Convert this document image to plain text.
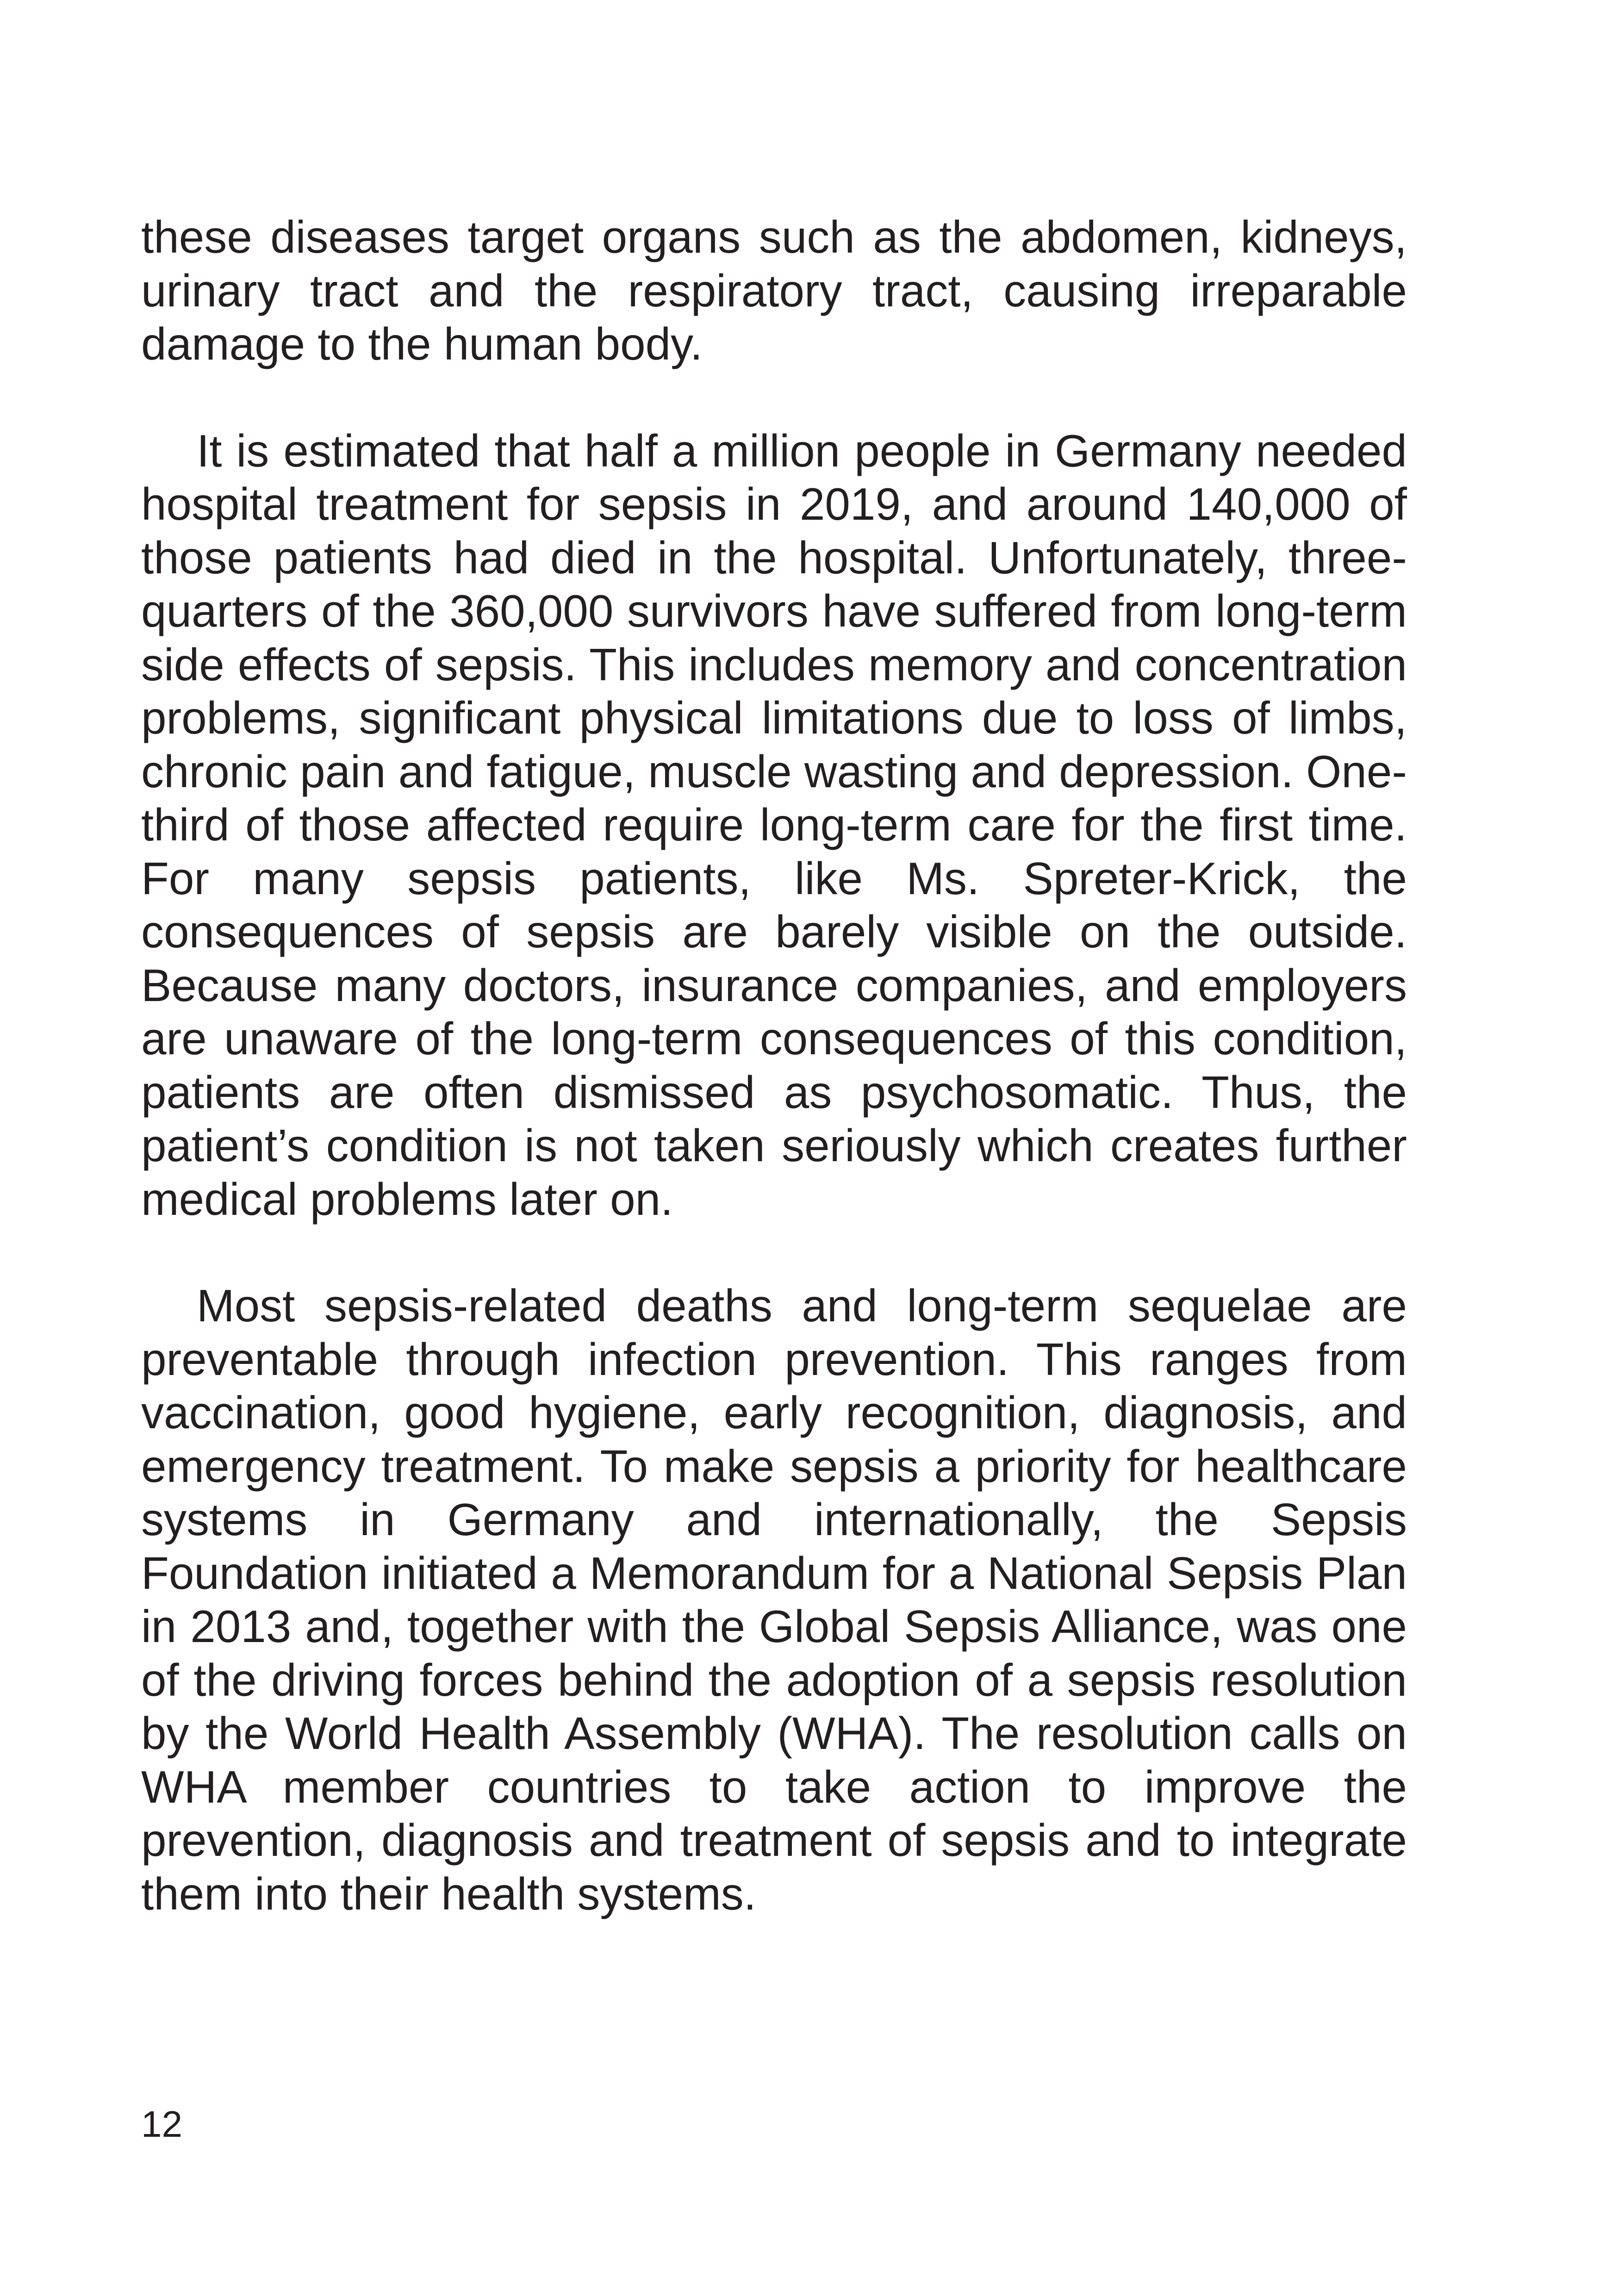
these diseases target organs such as the abdomen, kidneys, urinary tract and the respiratory tract, causing irreparable damage to the human body.

It is estimated that half a million people in Germany needed hospital treatment for sepsis in 2019, and around 140,000 of those patients had died in the hospital. Unfortunately, three-quarters of the 360,000 survivors have suffered from long-term side effects of sepsis. This includes memory and concentration problems, significant physical limitations due to loss of limbs, chronic pain and fatigue, muscle wasting and depression. One-third of those affected require long-term care for the first time. For many sepsis patients, like Ms. Spreter-Krick, the consequences of sepsis are barely visible on the outside. Because many doctors, insurance companies, and employers are unaware of the long-term consequences of this condition, patients are often dismissed as psychosomatic. Thus, the patient’s condition is not taken seriously which creates further medical problems later on.

Most sepsis-related deaths and long-term sequelae are preventable through infection prevention. This ranges from vaccination, good hygiene, early recognition, diagnosis, and emergency treatment. To make sepsis a priority for healthcare systems in Germany and internationally, the Sepsis Foundation initiated a Memorandum for a National Sepsis Plan in 2013 and, together with the Global Sepsis Alliance, was one of the driving forces behind the adoption of a sepsis resolution by the World Health Assembly (WHA). The resolution calls on WHA member countries to take action to improve the prevention, diagnosis and treatment of sepsis and to integrate them into their health systems.

12
